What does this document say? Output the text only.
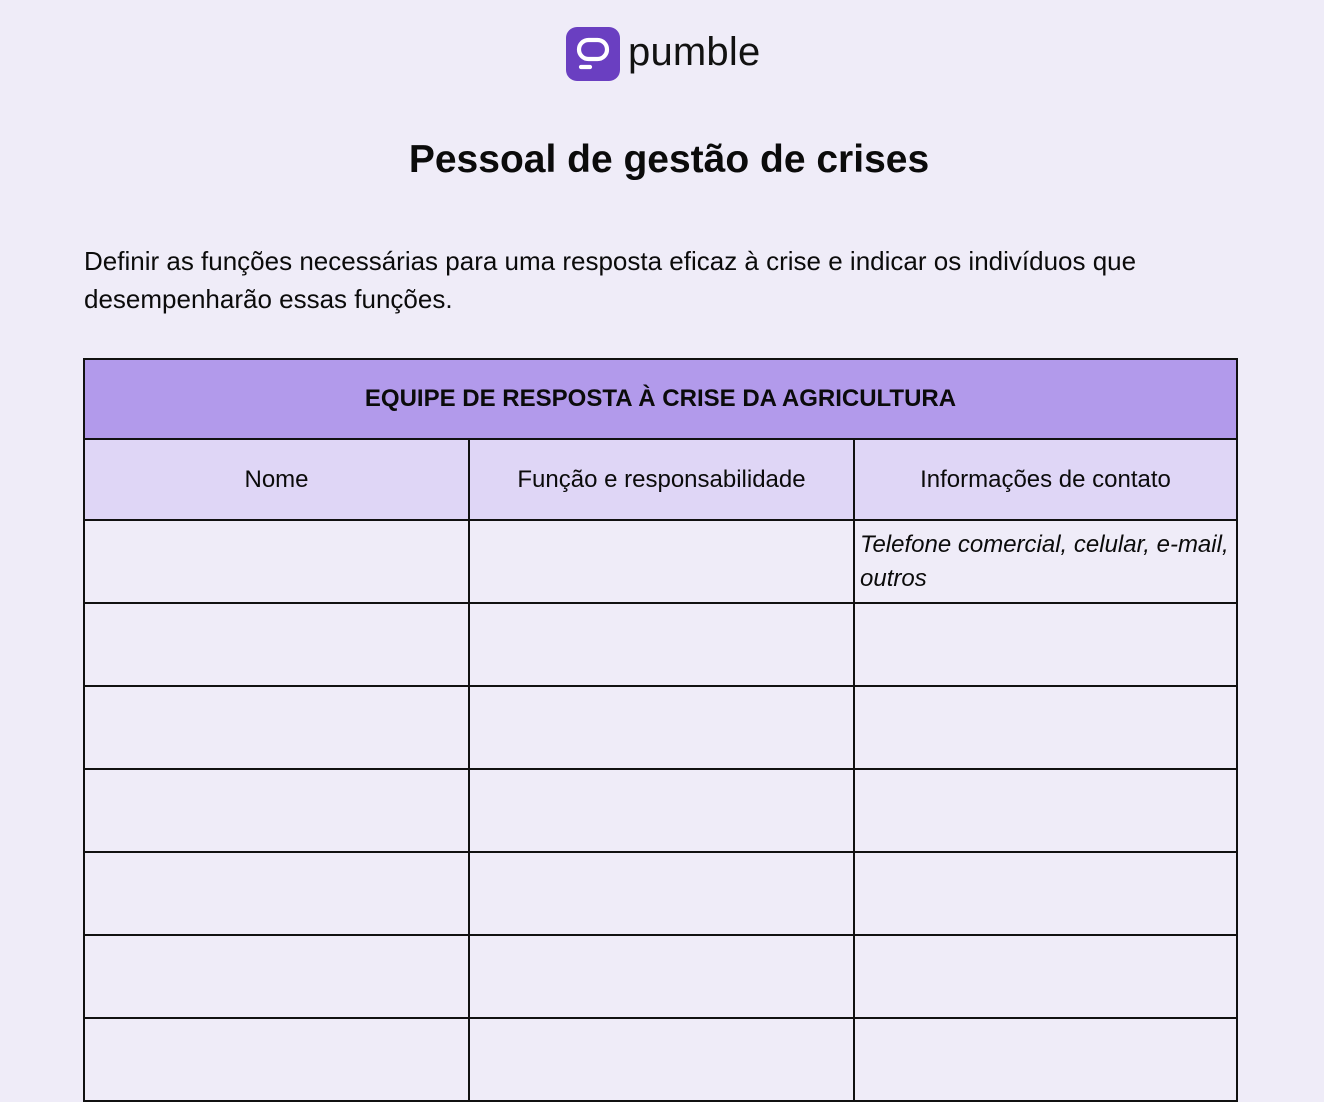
pumble
Pessoal de gestão de crises

Definir as funções necessárias para uma resposta eficaz à crise e indicar os indivíduos que desempenharão essas funções.

EQUIPE DE RESPOSTA À CRISE DA AGRICULTURA		
Nome	Função e responsabilidade	Informações de contato

		Telefone comercial, celular, e-mail, outros
